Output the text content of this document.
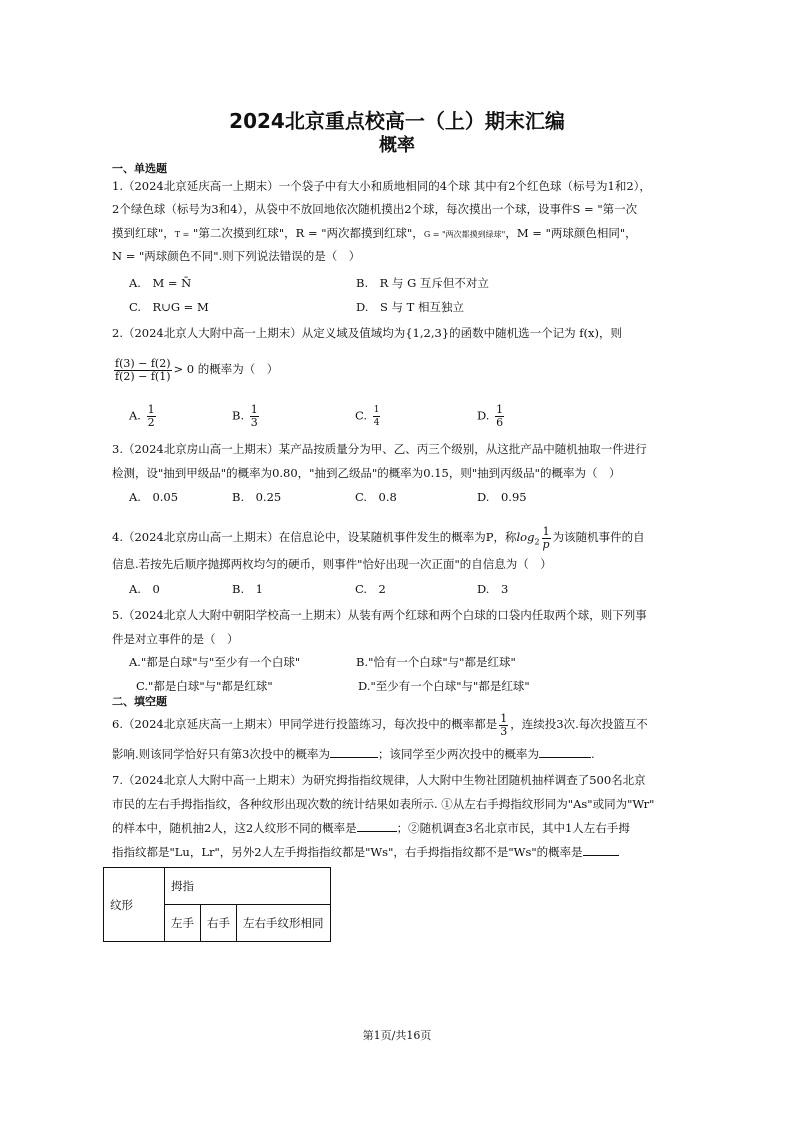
2024北京重点校高一（上）期末汇编
概率
一、单选题
1.（2024北京延庆高一上期末）一个袋子中有大小和质地相同的4个球 其中有2个红色球（标号为1和2），
2个绿色球（标号为3和4），从袋中不放回地依次随机摸出2个球，每次摸出一个球，设事件S = "第一次
摸到红球"，T = "第二次摸到红球"，R = "两次都摸到红球"，G = "两次都摸到绿球"，M = "两球颜色相同"，
N = "两球颜色不同".则下列说法错误的是（　）
A.　M = N̄	B.　R 与 G 互斥但不对立
C.　R∪G = M	D.　S 与 T 相互独立
2.（2024北京人大附中高一上期末）从定义域及值域均为{1,2,3}的函数中随机选一个记为 f(x)，则
$\frac{f(3) - f(2)}{f(2) - f(1)} > 0$ 的概率为（　）
A. $\frac{1}{2}$	B. $\frac{1}{3}$	C. $\frac{1}{4}$	D. $\frac{1}{6}$
3.（2024北京房山高一上期末）某产品按质量分为甲、乙、丙三个级别，从这批产品中随机抽取一件进行
检测，设"抽到甲级品"的概率为0.80，"抽到乙级品"的概率为0.15，则"抽到丙级品"的概率为（　）
A.　0.05	B.　0.25	C.　0.8	D.　0.95
4.（2024北京房山高一上期末）在信息论中，设某随机事件发生的概率为P，称$\log_2 \frac{1}{p}$ 为该随机事件的自
信息.若按先后顺序抛掷两枚均匀的硬币，则事件"恰好出现一次正面"的自信息为（　）
A.　0	B.　1	C.　2	D.　3
5.（2024北京人大附中朝阳学校高一上期末）从装有两个红球和两个白球的口袋内任取两个球，则下列事
件是对立事件的是（　）
A."都是白球"与"至少有一个白球"	B."恰有一个白球"与"都是红球"
C."都是白球"与"都是红球"	D."至少有一个白球"与"都是红球"
二、填空题
6.（2024北京延庆高一上期末）甲同学进行投篮练习，每次投中的概率都是 $\frac{1}{3}$ ，连续投3次.每次投篮互不
影响.则该同学恰好只有第3次投中的概率为	；该同学至少两次投中的概率为	.
7.（2024北京人大附中高一上期末）为研究拇指指纹规律，人大附中生物社团随机抽样调查了500名北京
市民的左右手拇指指纹，各种纹形出现次数的统计结果如表所示. ①从左右手拇指纹形同为"As"或同为"Wr"
的样本中，随机抽2人，这2人纹形不同的概率是	；②随机调查3名北京市民，其中1人左右手拇
指指纹都是"Lu，Lr"，另外2人左手拇指指纹都是"Ws"，右手拇指指纹都不是"Ws"的概率是
纹形	拇指		
	左手	右手	左右手纹形相同
第1页/共16页
